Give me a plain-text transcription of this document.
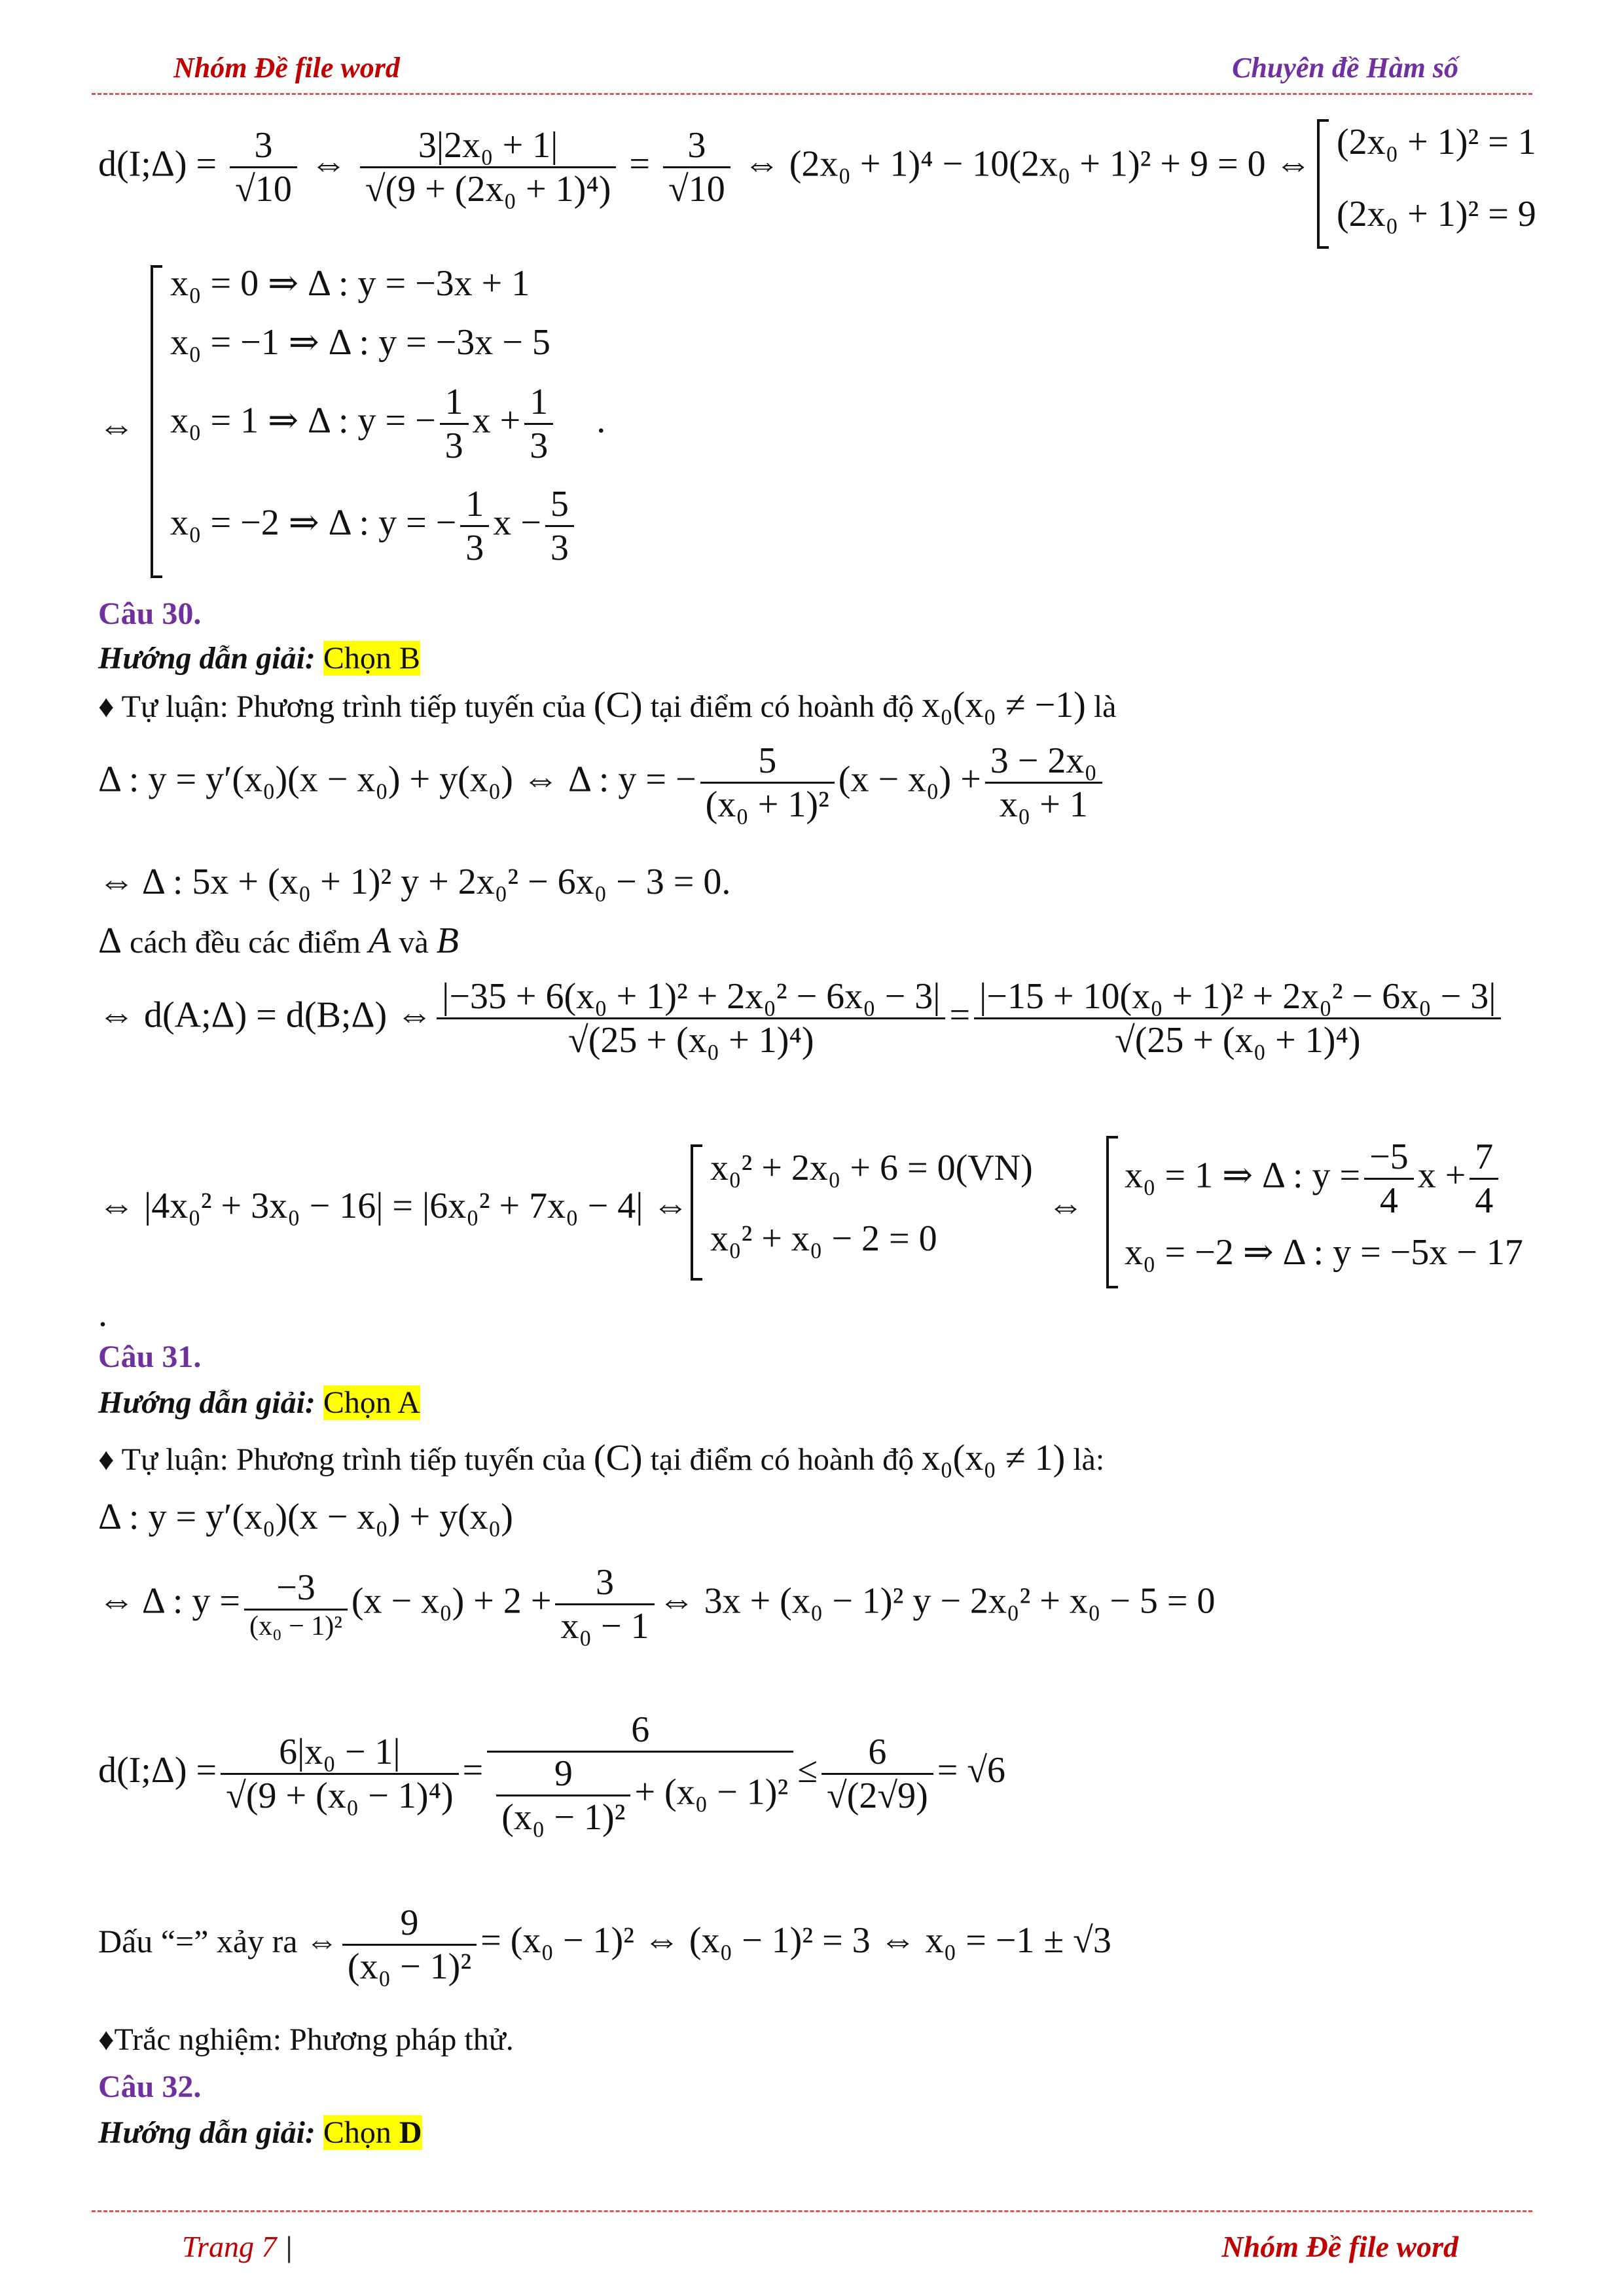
Nhóm Đề file word	Chuyên đề Hàm số
d(I;Δ) = $\frac{3}{√10}$ ⇔ $\frac{\text{3|2x₀ + 1|}}{\text{√(9 + (2x₀ + 1)⁴)}} = \frac{3}{√10}$ ⇔ (2x₀ + 1)⁴ − 10(2x₀ + 1)² + 9 = 0 ⇔
(2x₀ + 1)² = 1
(2x₀ + 1)² = 9
⇔
x₀ = 0 ⇒ Δ : y = −3x + 1
x₀ = −1 ⇒ Δ : y = −3x − 5
x₀ = 1 ⇒ Δ : y = − $\frac{1}{3}$ $x + \frac{1}{3}$ .
x₀ = −2 ⇒ Δ : y = − $\frac{1}{3}$ $x - \frac{5}{3}$
Câu 30.
Hướng dẫn giải: Chọn B
♦ Tự luận: Phương trình tiếp tuyến của (C) tại điểm có hoành độ x₀(x₀ ≠ −1) là
Δ : y = y′(x₀)(x − x₀) + y(x₀) ⇔ Δ : y = − $\frac{5}{\text{(x₀ + 1)²}} (x - x_0) + \frac{\text{3 − 2x₀}}{\text{x₀ + 1}}$
⇔ Δ : 5x + (x₀ + 1)² y + 2x₀² − 6x₀ − 3 = 0.
Δ cách đều các điểm A và B
⇔ d(A;Δ) = d(B;Δ) ⇔ $\frac{\text{|−35 + 6(x₀ + 1)² + 2x₀² − 6x₀ − 3|}}{\text{√(25 + (x₀ + 1)⁴)}} = \frac{\text{|−15 + 10(x₀ + 1)² + 2x₀² − 6x₀ − 3|}}{\text{√(25 + (x₀ + 1)⁴)}}$
⇔ |4x₀² + 3x₀ − 16| = |6x₀² + 7x₀ − 4| ⇔
x₀² + 2x₀ + 6 = 0(VN)
x₀² + x₀ − 2 = 0
⇔
x₀ = 1 ⇒ Δ : $y = \frac{-5}{4}$ $x + \frac{7}{4}$
x₀ = −2 ⇒ Δ : y = −5x − 17
.
Câu 31.
Hướng dẫn giải: Chọn A
♦ Tự luận: Phương trình tiếp tuyến của (C) tại điểm có hoành độ x₀(x₀ ≠ 1) là:
Δ : y = y′(x₀)(x − x₀) + y(x₀)
⇔ Δ : $y = \frac{-3}{\text{(x₀ − 1)²}} (x - x_0) + 2 + \frac{3}{\text{x₀ − 1}}$ ⇔ 3x + (x₀ − 1)² y − 2x₀² + x₀ − 5 = 0
d(I;Δ) = $\frac{\text{6|x₀ − 1|}}{\text{√(9 + (x₀ − 1)⁴)}} = \frac{6}{\frac{9}{\text{(x₀ − 1)²}} + (x_0 - 1)^2} \le \frac{6}{√(2√9)} = √6$
Dấu “=” xảy ra ⇔ $\frac{9}{\text{(x₀ − 1)²}} = (x_0 - 1)^2$ ⇔ (x₀ − 1)² = 3 ⇔ x₀ = −1 ± √3
♦Trắc nghiệm: Phương pháp thử.
Câu 32.
Hướng dẫn giải: Chọn D
Trang 7 |	Nhóm Đề file word
